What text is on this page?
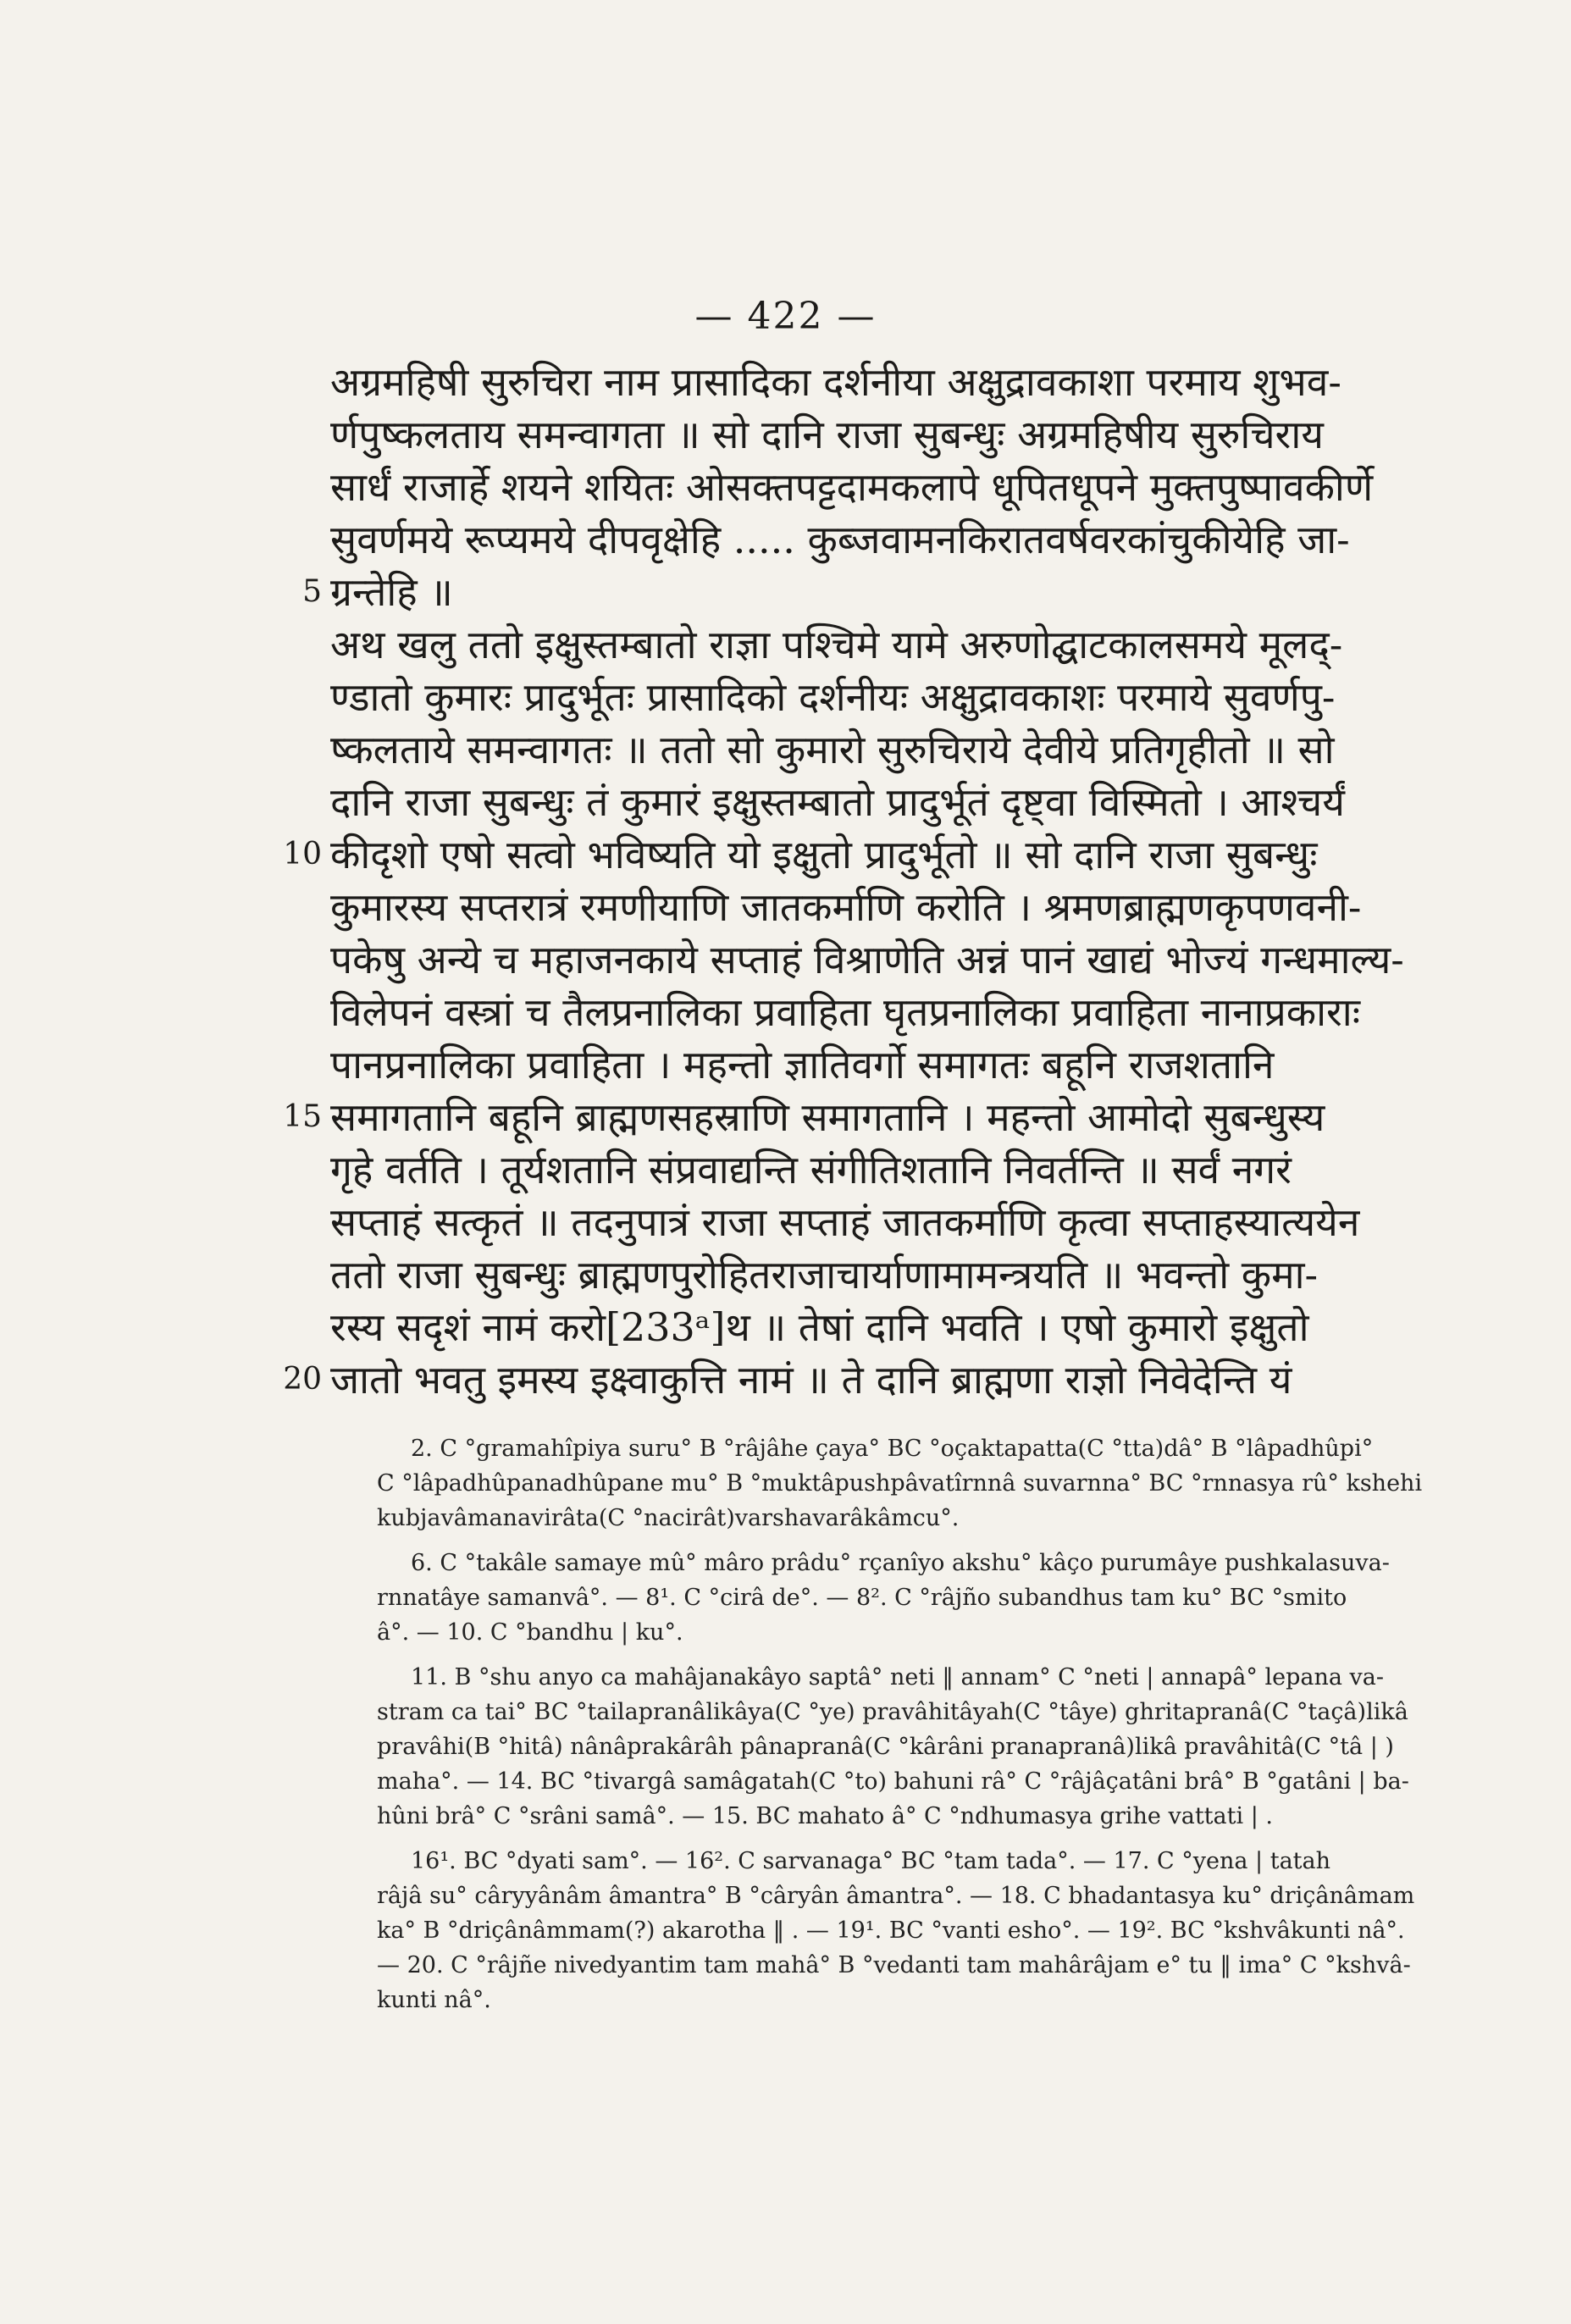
— 422 —
अग्रमहिषी सुरुचिरा नाम प्रासादिका दर्शनीया अक्षुद्रावकाशा परमाय शुभव-
र्णपुष्कलताय समन्वागता ॥ सो दानि राजा सुबन्धुः अग्रमहिषीय सुरुचिराय
सार्धं राजार्हे शयने शयितः ओसक्तपट्टदामकलापे धूपितधूपने मुक्तपुष्पावकीर्णे
सुवर्णमये रूप्यमये दीपवृक्षेहि ..... कुब्जवामनकिरातवर्षवरकांचुकीयेहि जा-
5 ग्रन्तेहि ॥
अथ खलु ततो इक्षुस्तम्बातो राज्ञा पश्चिमे यामे अरुणोद्घाटकालसमये मूलद्-
ण्डातो कुमारः प्रादुर्भूतः प्रासादिको दर्शनीयः अक्षुद्रावकाशः परमाये सुवर्णपु-
ष्कलताये समन्वागतः ॥ ततो सो कुमारो सुरुचिराये देवीये प्रतिगृहीतो ॥ सो
दानि राजा सुबन्धुः तं कुमारं इक्षुस्तम्बातो प्रादुर्भूतं दृष्ट्वा विस्मितो । आश्चर्यं
10 कीदृशो एषो सत्वो भविष्यति यो इक्षुतो प्रादुर्भूतो ॥ सो दानि राजा सुबन्धुः
कुमारस्य सप्तरात्रं रमणीयाणि जातकर्माणि करोति । श्रमणब्राह्मणकृपणवनी-
पकेषु अन्ये च महाजनकाये सप्ताहं विश्राणेति अन्नं पानं खाद्यं भोज्यं गन्धमाल्य-
विलेपनं वस्त्रां च तैलप्रनालिका प्रवाहिता घृतप्रनालिका प्रवाहिता नानाप्रकाराः
पानप्रनालिका प्रवाहिता । महन्तो ज्ञातिवर्गो समागतः बहूनि राजशतानि
15 समागतानि बहूनि ब्राह्मणसहस्राणि समागतानि । महन्तो आमोदो सुबन्धुस्य
गृहे वर्तति । तूर्यशतानि संप्रवाद्यन्ति संगीतिशतानि निवर्तन्ति ॥ सर्वं नगरं
सप्ताहं सत्कृतं ॥ तदनुपात्रं राजा सप्ताहं जातकर्माणि कृत्वा सप्ताहस्यात्ययेन
ततो राजा सुबन्धुः ब्राह्मणपुरोहितराजाचार्याणामामन्त्रयति ॥ भवन्तो कुमा-
रस्य सदृशं नामं करो[233ᵃ]थ ॥ तेषां दानि भवति । एषो कुमारो इक्षुतो
20 जातो भवतु इमस्य इक्ष्वाकुत्ति नामं ॥ ते दानि ब्राह्मणा राज्ञो निवेदेन्ति यं
2. C °gramahîpiya suru° B °râjâhe çaya° BC °oçaktapatta(C °tta)dâ° B °lâpadhûpi°
C °lâpadhûpanadhûpane mu° B °muktâpushpâvatîrnnâ suvarnna° BC °rnnasya rû° kshehi
kubjavâmanavirâta(C °nacirât)varshavarâkâmcu°.
6. C °takâle samaye mû° mâro prâdu° rçanîyo akshu° kâço purumâye pushkalasuva-
rnnatâye samanvâ°. — 8¹. C °cirâ de°. — 8². C °râjño subandhus tam ku° BC °smito
â°. — 10. C °bandhu | ku°.
11. B °shu anyo ca mahâjanakâyo saptâ° neti ‖ annam° C °neti | annapâ° lepana va-
stram ca tai° BC °tailapranâlikâya(C °ye) pravâhitâyah(C °tâye) ghritapranâ(C °taçâ)likâ
pravâhi(B °hitâ) nânâprakârâh pânapranâ(C °kârâni pranapranâ)likâ pravâhitâ(C °tâ | )
maha°. — 14. BC °tivargâ samâgatah(C °to) bahuni râ° C °râjâçatâni brâ° B °gatâni | ba-
hûni brâ° C °srâni samâ°. — 15. BC mahato â° C °ndhumasya grihe vattati | .
16¹. BC °dyati sam°. — 16². C sarvanaga° BC °tam tada°. — 17. C °yena | tatah
râjâ su° câryyânâm âmantra° B °câryân âmantra°. — 18. C bhadantasya ku° driçânâmam
ka° B °driçânâmmam(?) akarotha ‖ . — 19¹. BC °vanti esho°. — 19². BC °kshvâkunti nâ°.
— 20. C °râjñe nivedyantim tam mahâ° B °vedanti tam mahârâjam e° tu ‖ ima° C °kshvâ-
kunti nâ°.
